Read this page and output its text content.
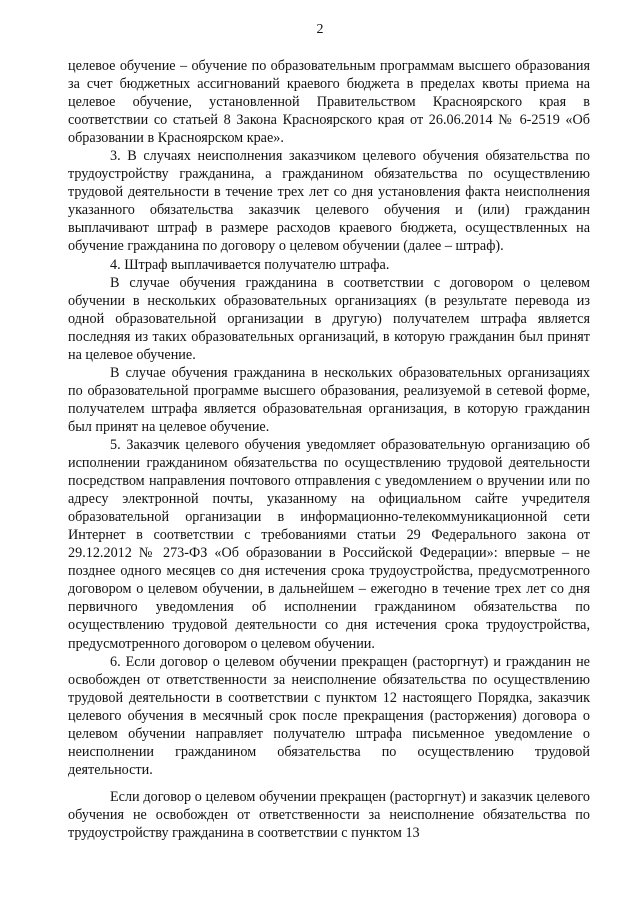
2

целевое обучение – обучение по образовательным программам высшего образования за счет бюджетных ассигнований краевого бюджета в пределах квоты приема на целевое обучение, установленной Правительством Красноярского края в соответствии со статьей 8 Закона Красноярского края от 26.06.2014 № 6-2519 «Об образовании в Красноярском крае».

3. В случаях неисполнения заказчиком целевого обучения обязательства по трудоустройству гражданина, а гражданином обязательства по осуществлению трудовой деятельности в течение трех лет со дня установления факта неисполнения указанного обязательства заказчик целевого обучения и (или) гражданин выплачивают штраф в размере расходов краевого бюджета, осуществленных на обучение гражданина по договору о целевом обучении (далее – штраф).

4. Штраф выплачивается получателю штрафа.

В случае обучения гражданина в соответствии с договором о целевом обучении в нескольких образовательных организациях (в результате перевода из одной образовательной организации в другую) получателем штрафа является последняя из таких образовательных организаций, в которую гражданин был принят на целевое обучение.

В случае обучения гражданина в нескольких образовательных организациях по образовательной программе высшего образования, реализуемой в сетевой форме, получателем штрафа является образовательная организация, в которую гражданин был принят на целевое обучение.

5. Заказчик целевого обучения уведомляет образовательную организацию об исполнении гражданином обязательства по осуществлению трудовой деятельности посредством направления почтового отправления с уведомлением о вручении или по адресу электронной почты, указанному на официальном сайте учредителя образовательной организации в информационно-телекоммуникационной сети Интернет в соответствии с требованиями статьи 29 Федерального закона от 29.12.2012 № 273-ФЗ «Об образовании в Российской Федерации»: впервые – не позднее одного месяцев со дня истечения срока трудоустройства, предусмотренного договором о целевом обучении, в дальнейшем – ежегодно в течение трех лет со дня первичного уведомления об исполнении гражданином обязательства по осуществлению трудовой деятельности со дня истечения срока трудоустройства, предусмотренного договором о целевом обучении.

6. Если договор о целевом обучении прекращен (расторгнут) и гражданин не освобожден от ответственности за неисполнение обязательства по осуществлению трудовой деятельности в соответствии с пунктом 12 настоящего Порядка, заказчик целевого обучения в месячный срок после прекращения (расторжения) договора о целевом обучении направляет получателю штрафа письменное уведомление о неисполнении гражданином обязательства по осуществлению трудовой деятельности.

Если договор о целевом обучении прекращен (расторгнут) и заказчик целевого обучения не освобожден от ответственности за неисполнение обязательства по трудоустройству гражданина в соответствии с пунктом 13
